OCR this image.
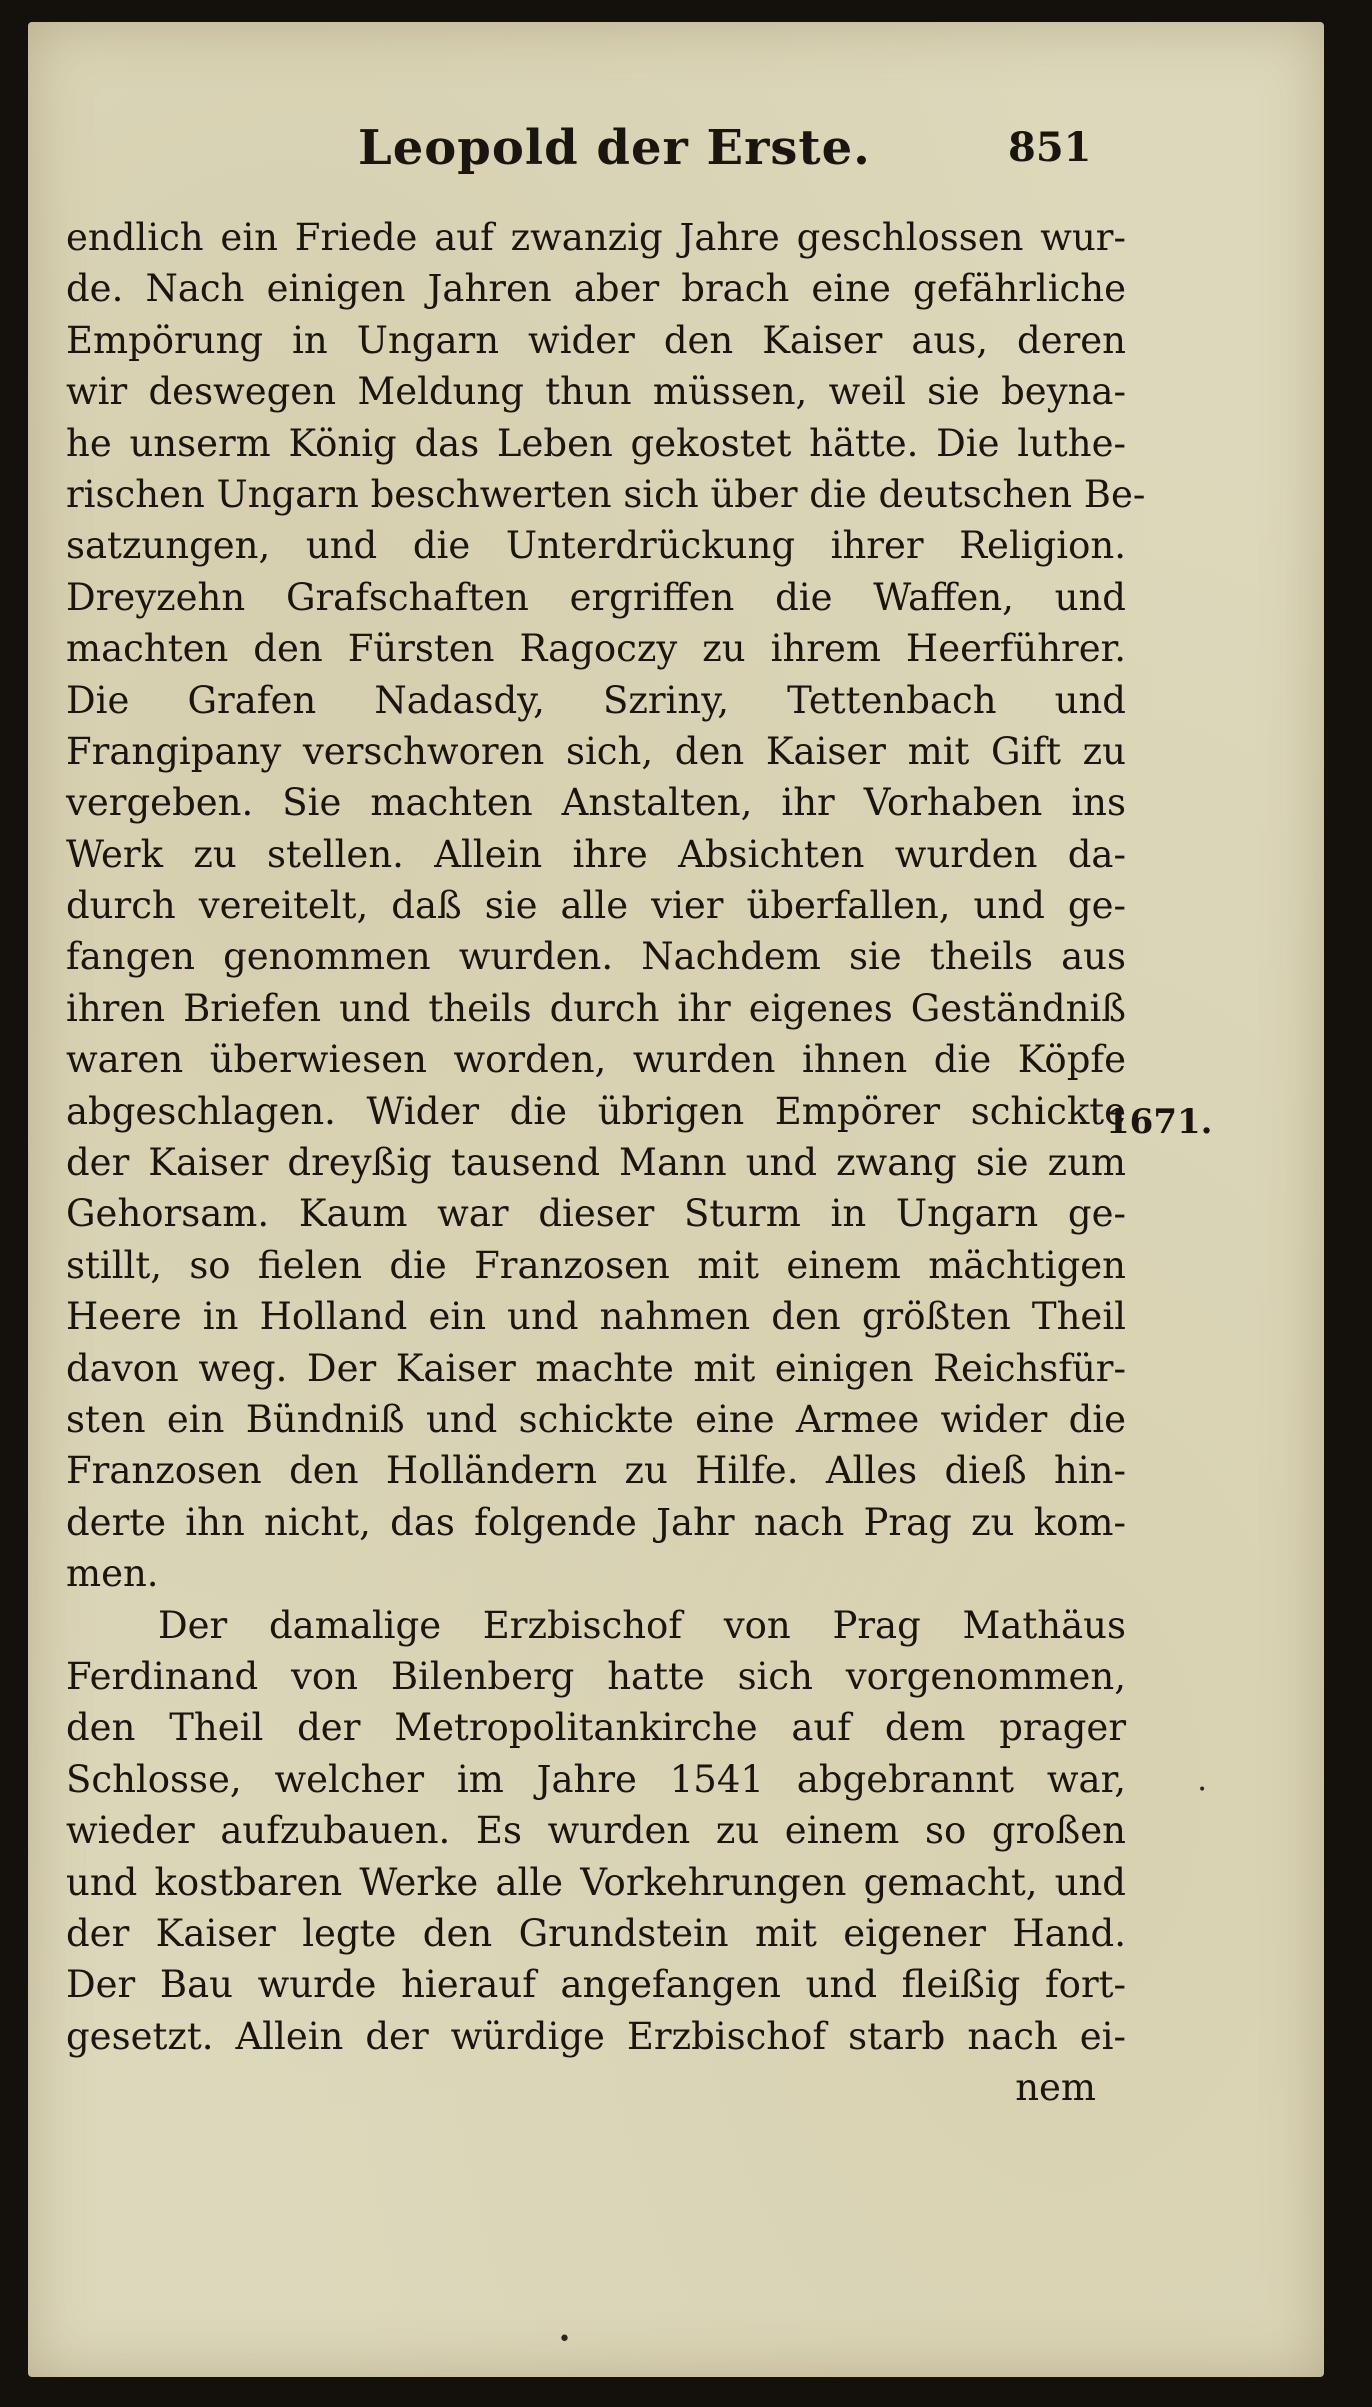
Leopold der Erste.	851
endlich ein Friede auf zwanzig Jahre geschlossen wur-
de. Nach einigen Jahren aber brach eine gefährliche
Empörung in Ungarn wider den Kaiser aus, deren
wir deswegen Meldung thun müssen, weil sie beyna-
he unserm König das Leben gekostet hätte. Die luthe-
rischen Ungarn beschwerten sich über die deutschen Be-
satzungen, und die Unterdrückung ihrer Religion.
Dreyzehn Grafschaften ergriffen die Waffen, und
machten den Fürsten Ragoczy zu ihrem Heerführer.
Die Grafen Nadasdy, Szriny, Tettenbach und
Frangipany verschworen sich, den Kaiser mit Gift zu
vergeben. Sie machten Anstalten, ihr Vorhaben ins
Werk zu stellen. Allein ihre Absichten wurden da-
durch vereitelt, daß sie alle vier überfallen, und ge-
fangen genommen wurden. Nachdem sie theils aus
ihren Briefen und theils durch ihr eigenes Geständniß
waren überwiesen worden, wurden ihnen die Köpfe
abgeschlagen. Wider die übrigen Empörer schickte
der Kaiser dreyßig tausend Mann und zwang sie zum
Gehorsam. Kaum war dieser Sturm in Ungarn ge-
stillt, so fielen die Franzosen mit einem mächtigen
Heere in Holland ein und nahmen den größten Theil
davon weg. Der Kaiser machte mit einigen Reichsfür-
sten ein Bündniß und schickte eine Armee wider die
Franzosen den Holländern zu Hilfe. Alles dieß hin-
derte ihn nicht, das folgende Jahr nach Prag zu kom-
men.
Der damalige Erzbischof von Prag Mathäus
Ferdinand von Bilenberg hatte sich vorgenommen,
den Theil der Metropolitankirche auf dem prager
Schlosse, welcher im Jahre 1541 abgebrannt war,
wieder aufzubauen. Es wurden zu einem so großen
und kostbaren Werke alle Vorkehrungen gemacht, und
der Kaiser legte den Grundstein mit eigener Hand.
Der Bau wurde hierauf angefangen und fleißig fort-
gesetzt. Allein der würdige Erzbischof starb nach ei-
nem
1671.
•
•
